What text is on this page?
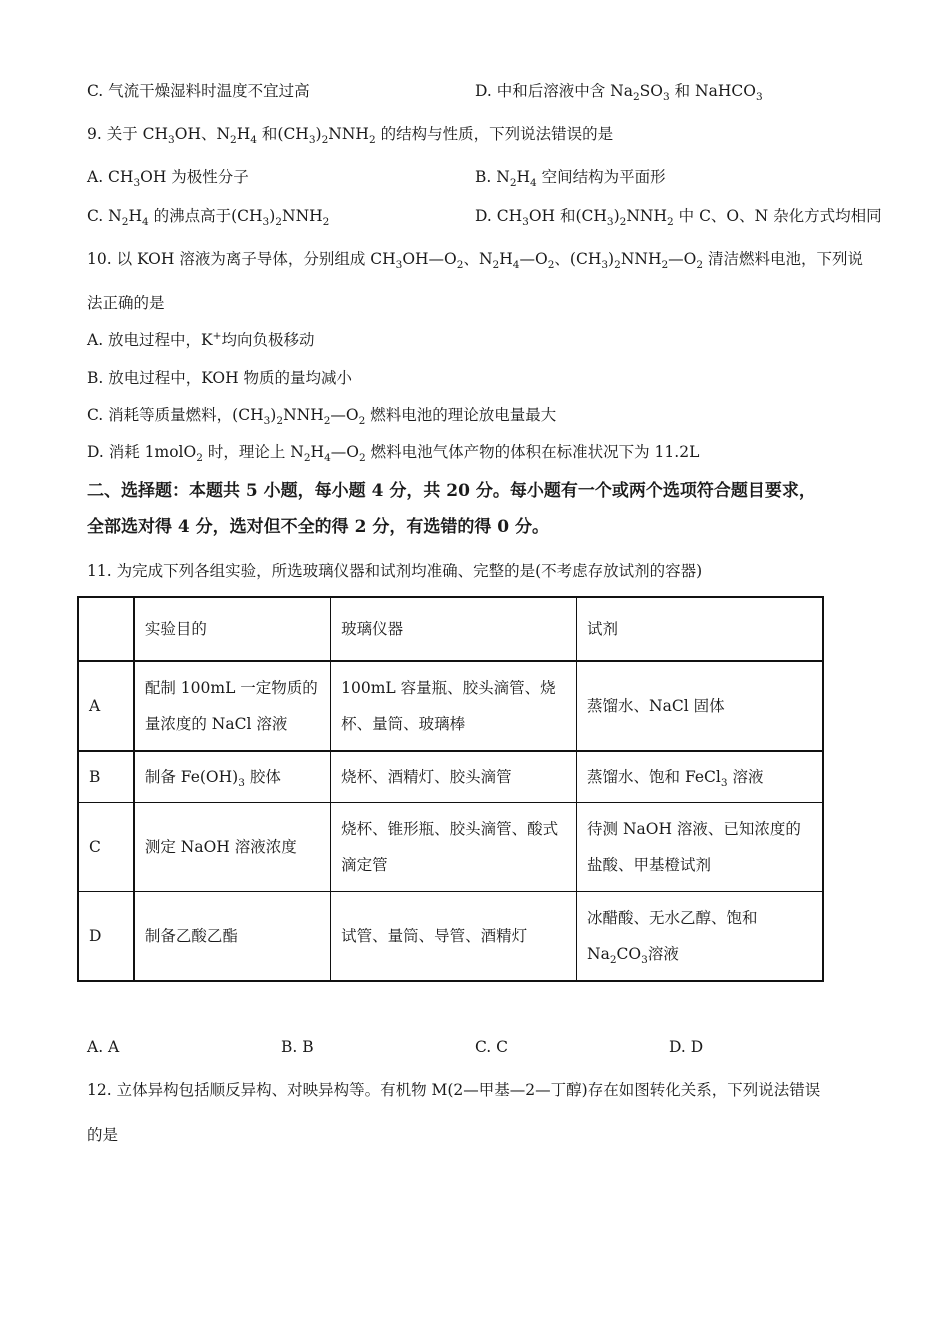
C. 气流干燥湿料时温度不宜过高	D. 中和后溶液中含 $Na_2SO_3$ 和 NaHCO$_3$
9. 关于 $CH_3OH$、$N_2H_4$ 和$(CH_3)_2NNH_2$ 的结构与性质，下列说法错误的是
A. $CH_3OH$ 为极性分子	B. $N_2H_4$ 空间结构为平面形
C. $N_2H_4$ 的沸点高于$(CH_3)_2NNH_2$	D. $CH_3OH$ 和$(CH_3)_2NNH_2$ 中 C、O、N 杂化方式均相同
10. 以 KOH 溶液为离子导体，分别组成 $CH_3OH—O_2$、$N_2H_4—O_2$、$(CH_3)_2NNH_2—O_2$ 清洁燃料电池，下列说
法正确的是
A. 放电过程中，K+均向负极移动
B. 放电过程中，KOH 物质的量均减小
C. 消耗等质量燃料，$(CH_3)_2NNH_2—O_2$ 燃料电池的理论放电量最大
D. 消耗 1molO$_2$ 时，理论上 $N_2H_4—O_2$ 燃料电池气体产物的体积在标准状况下为 11.2L
二、选择题：本题共 5 小题，每小题 4 分，共 20 分。每小题有一个或两个选项符合题目要求，
全部选对得 4 分，选对但不全的得 2 分，有选错的得 0 分。
11. 为完成下列各组实验，所选玻璃仪器和试剂均准确、完整的是(不考虑存放试剂的容器)
	实验目的	玻璃仪器	试剂
A	配制 100mL 一定物质的量浓度的 NaCl 溶液	100mL 容量瓶、胶头滴管、烧杯、量筒、玻璃棒	蒸馏水、NaCl 固体
B	制备 $Fe(OH)_3$ 胶体	烧杯、酒精灯、胶头滴管	蒸馏水、饱和 FeCl$_3$ 溶液
C	测定 NaOH 溶液浓度	烧杯、锥形瓶、胶头滴管、酸式滴定管	待测 NaOH 溶液、已知浓度的盐酸、甲基橙试剂
D	制备乙酸乙酯	试管、量筒、导管、酒精灯	冰醋酸、无水乙醇、饱和 $Na_2CO_3$溶液
A. A	B. B	C. C	D. D
12. 立体异构包括顺反异构、对映异构等。有机物 M(2—甲基—2—丁醇)存在如图转化关系，下列说法错误
的是
